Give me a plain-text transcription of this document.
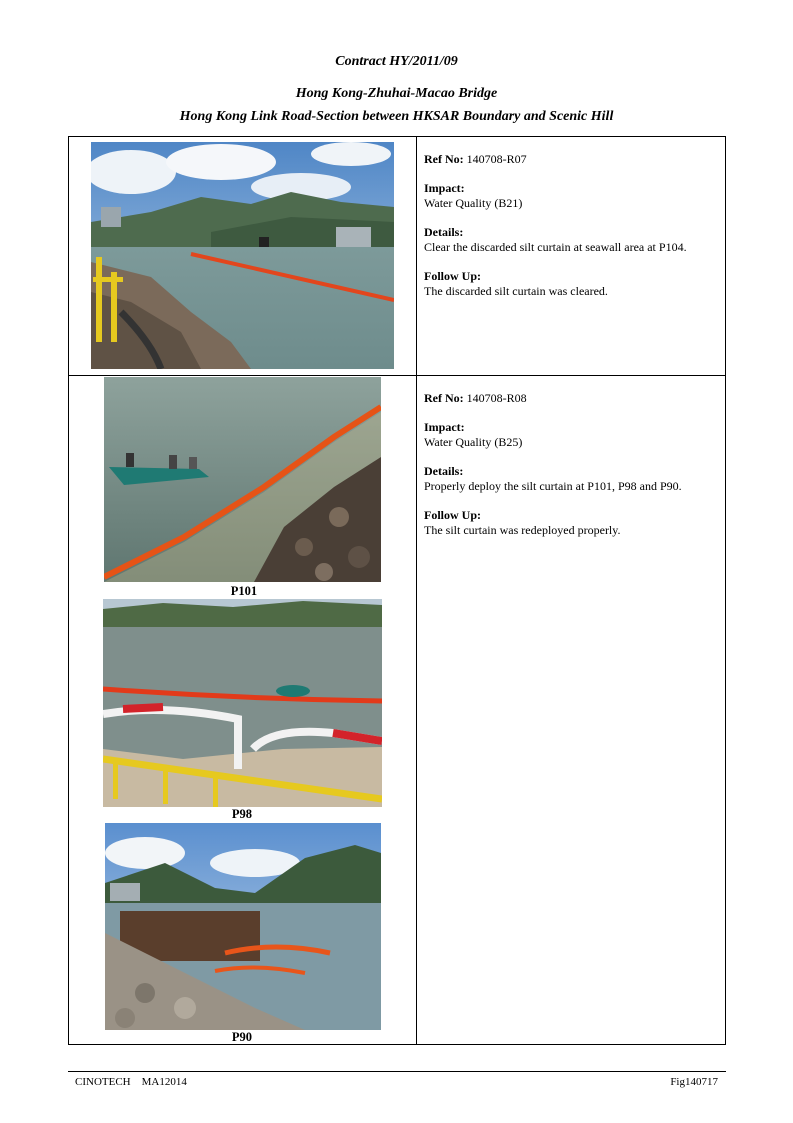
Contract HY/2011/09
Hong Kong-Zhuhai-Macao Bridge
Hong Kong Link Road-Section between HKSAR Boundary and Scenic Hill

Ref No: 140708-R07

Impact:
Water Quality (B21)

Details:
Clear the discarded silt curtain at seawall area at P104.

Follow Up:
The discarded silt curtain was cleared.

P101
P98
P90

Ref No: 140708-R08

Impact:
Water Quality (B25)

Details:
Properly deploy the silt curtain at P101, P98 and P90.

Follow Up:
The silt curtain was redeployed properly.

CINOTECH    MA12014	Fig140717
